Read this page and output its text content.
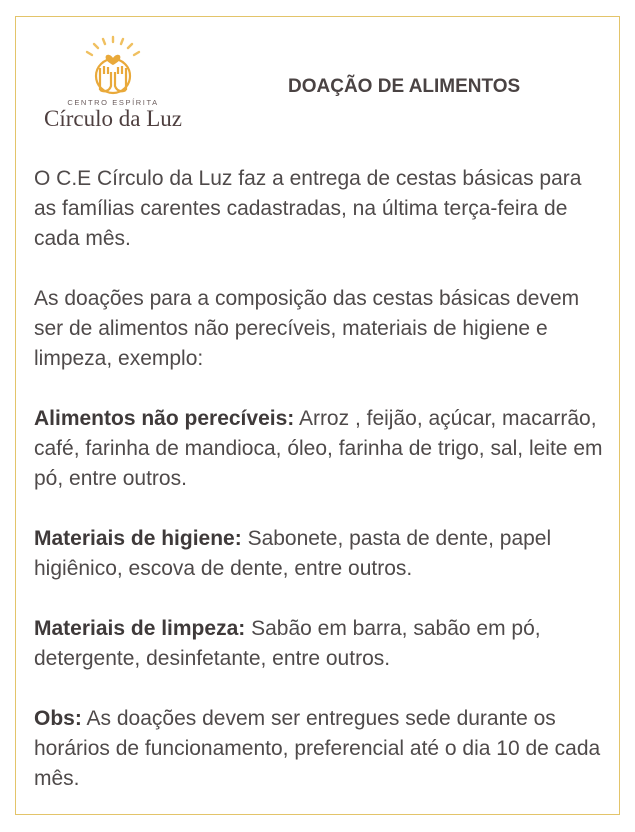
CENTRO ESPÍRITA
Círculo da Luz
DOAÇÃO DE ALIMENTOS

O C.E Círculo da Luz faz a entrega de cestas básicas para as famílias carentes cadastradas, na última terça-feira de cada mês.

As doações para a composição das cestas básicas devem ser de alimentos não perecíveis, materiais de higiene e limpeza, exemplo:

Alimentos não perecíveis: Arroz , feijão, açúcar, macarrão, café, farinha de mandioca, óleo, farinha de trigo, sal, leite em pó, entre outros.

Materiais de higiene: Sabonete, pasta de dente, papel higiênico, escova de dente, entre outros.

Materiais de limpeza: Sabão em barra, sabão em pó, detergente, desinfetante, entre outros.

Obs: As doações devem ser entregues sede durante os horários de funcionamento, preferencial até o dia 10 de cada mês.
